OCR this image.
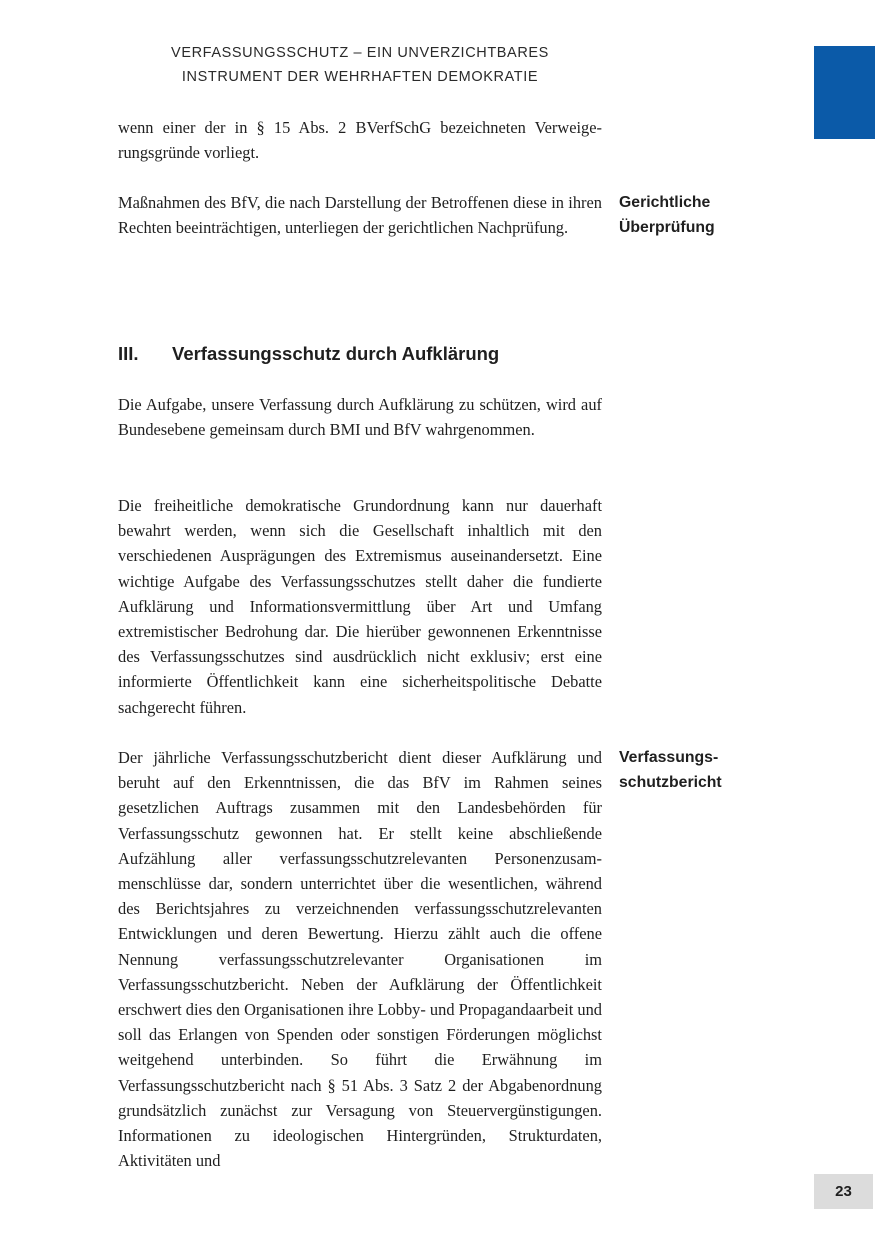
VERFASSUNGSSCHUTZ – EIN UNVERZICHTBARES
INSTRUMENT DER WEHRHAFTEN DEMOKRATIE

wenn einer der in § 15 Abs. 2 BVerfSchG bezeichneten Verweigerungsgründe vorliegt.

Maßnahmen des BfV, die nach Darstellung der Betroffenen diese in ihren Rechten beeinträchtigen, unterliegen der gerichtlichen Nachprüfung.

Gerichtliche
Überprüfung
III. Verfassungsschutz durch Aufklärung

Die Aufgabe, unsere Verfassung durch Aufklärung zu schützen, wird auf Bundesebene gemeinsam durch BMI und BfV wahrgenommen.

Die freiheitliche demokratische Grundordnung kann nur dauerhaft bewahrt werden, wenn sich die Gesellschaft inhaltlich mit den verschiedenen Ausprägungen des Extremismus auseinandersetzt. Eine wichtige Aufgabe des Verfassungsschutzes stellt daher die fundierte Aufklärung und Informationsvermittlung über Art und Umfang extremistischer Bedrohung dar. Die hierüber gewonnenen Erkenntnisse des Verfassungsschutzes sind ausdrücklich nicht exklusiv; erst eine informierte Öffentlichkeit kann eine sicherheitspolitische Debatte sachgerecht führen.

Der jährliche Verfassungsschutzbericht dient dieser Aufklärung und beruht auf den Erkenntnissen, die das BfV im Rahmen seines gesetzlichen Auftrags zusammen mit den Landesbehörden für Verfassungsschutz gewonnen hat. Er stellt keine abschließende Aufzählung aller verfassungsschutzrelevanten Personenzusammenschlüsse dar, sondern unterrichtet über die wesentlichen, während des Berichtsjahres zu verzeichnenden verfassungsschutzrelevanten Entwicklungen und deren Bewertung. Hierzu zählt auch die offene Nennung verfassungsschutzrelevanter Organisationen im Verfassungsschutzbericht. Neben der Aufklärung der Öffentlichkeit erschwert dies den Organisationen ihre Lobby- und Propagandaarbeit und soll das Erlangen von Spenden oder sonstigen Förderungen möglichst weitgehend unterbinden. So führt die Erwähnung im Verfassungsschutzbericht nach § 51 Abs. 3 Satz 2 der Abgabenordnung grundsätzlich zunächst zur Versagung von Steuervergünstigungen. Informationen zu ideologischen Hintergründen, Strukturdaten, Aktivitäten und

Verfassungs-
schutzbericht
23
